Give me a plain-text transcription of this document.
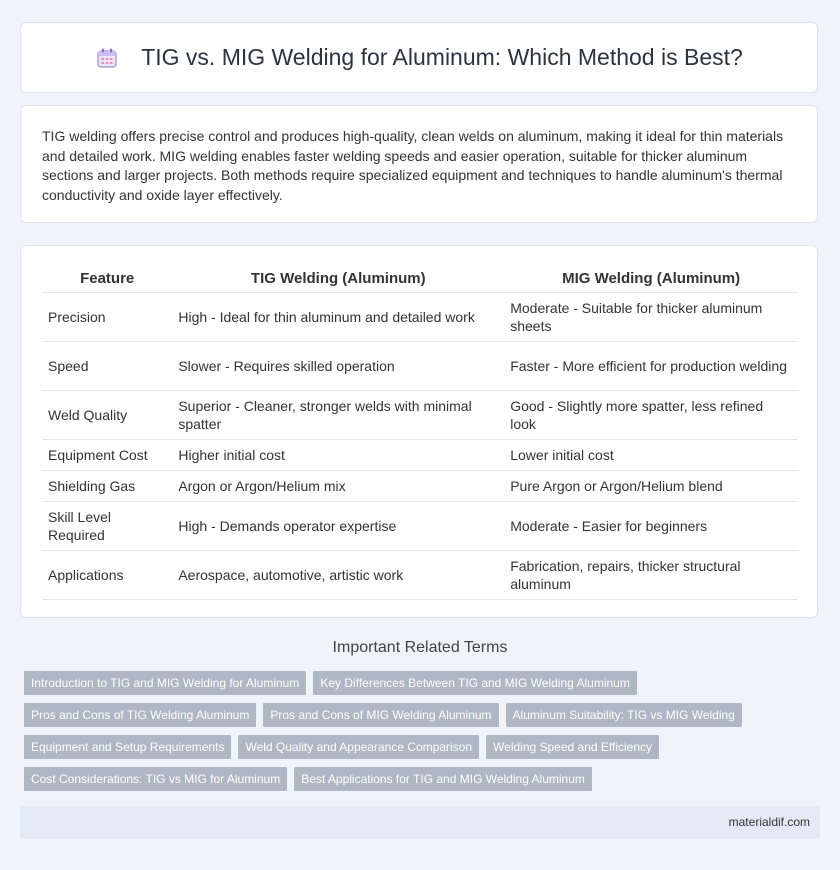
TIG vs. MIG Welding for Aluminum: Which Method is Best?

TIG welding offers precise control and produces high-quality, clean welds on aluminum, making it ideal for thin materials and detailed work. MIG welding enables faster welding speeds and easier operation, suitable for thicker aluminum sections and larger projects. Both methods require specialized equipment and techniques to handle aluminum's thermal conductivity and oxide layer effectively.

Feature	TIG Welding (Aluminum)	MIG Welding (Aluminum)
Precision	High - Ideal for thin aluminum and detailed work	Moderate - Suitable for thicker aluminum sheets
Speed	Slower - Requires skilled operation	Faster - More efficient for production welding
Weld Quality	Superior - Cleaner, stronger welds with minimal spatter	Good - Slightly more spatter, less refined look
Equipment Cost	Higher initial cost	Lower initial cost
Shielding Gas	Argon or Argon/Helium mix	Pure Argon or Argon/Helium blend
Skill Level Required	High - Demands operator expertise	Moderate - Easier for beginners
Applications	Aerospace, automotive, artistic work	Fabrication, repairs, thicker structural aluminum
Important Related Terms
Introduction to TIG and MIG Welding for Aluminum	Key Differences Between TIG and MIG Welding Aluminum
Pros and Cons of TIG Welding Aluminum	Pros and Cons of MIG Welding Aluminum	Aluminum Suitability: TIG vs MIG Welding
Equipment and Setup Requirements	Weld Quality and Appearance Comparison	Welding Speed and Efficiency
Cost Considerations: TIG vs MIG for Aluminum	Best Applications for TIG and MIG Welding Aluminum
materialdif.com
